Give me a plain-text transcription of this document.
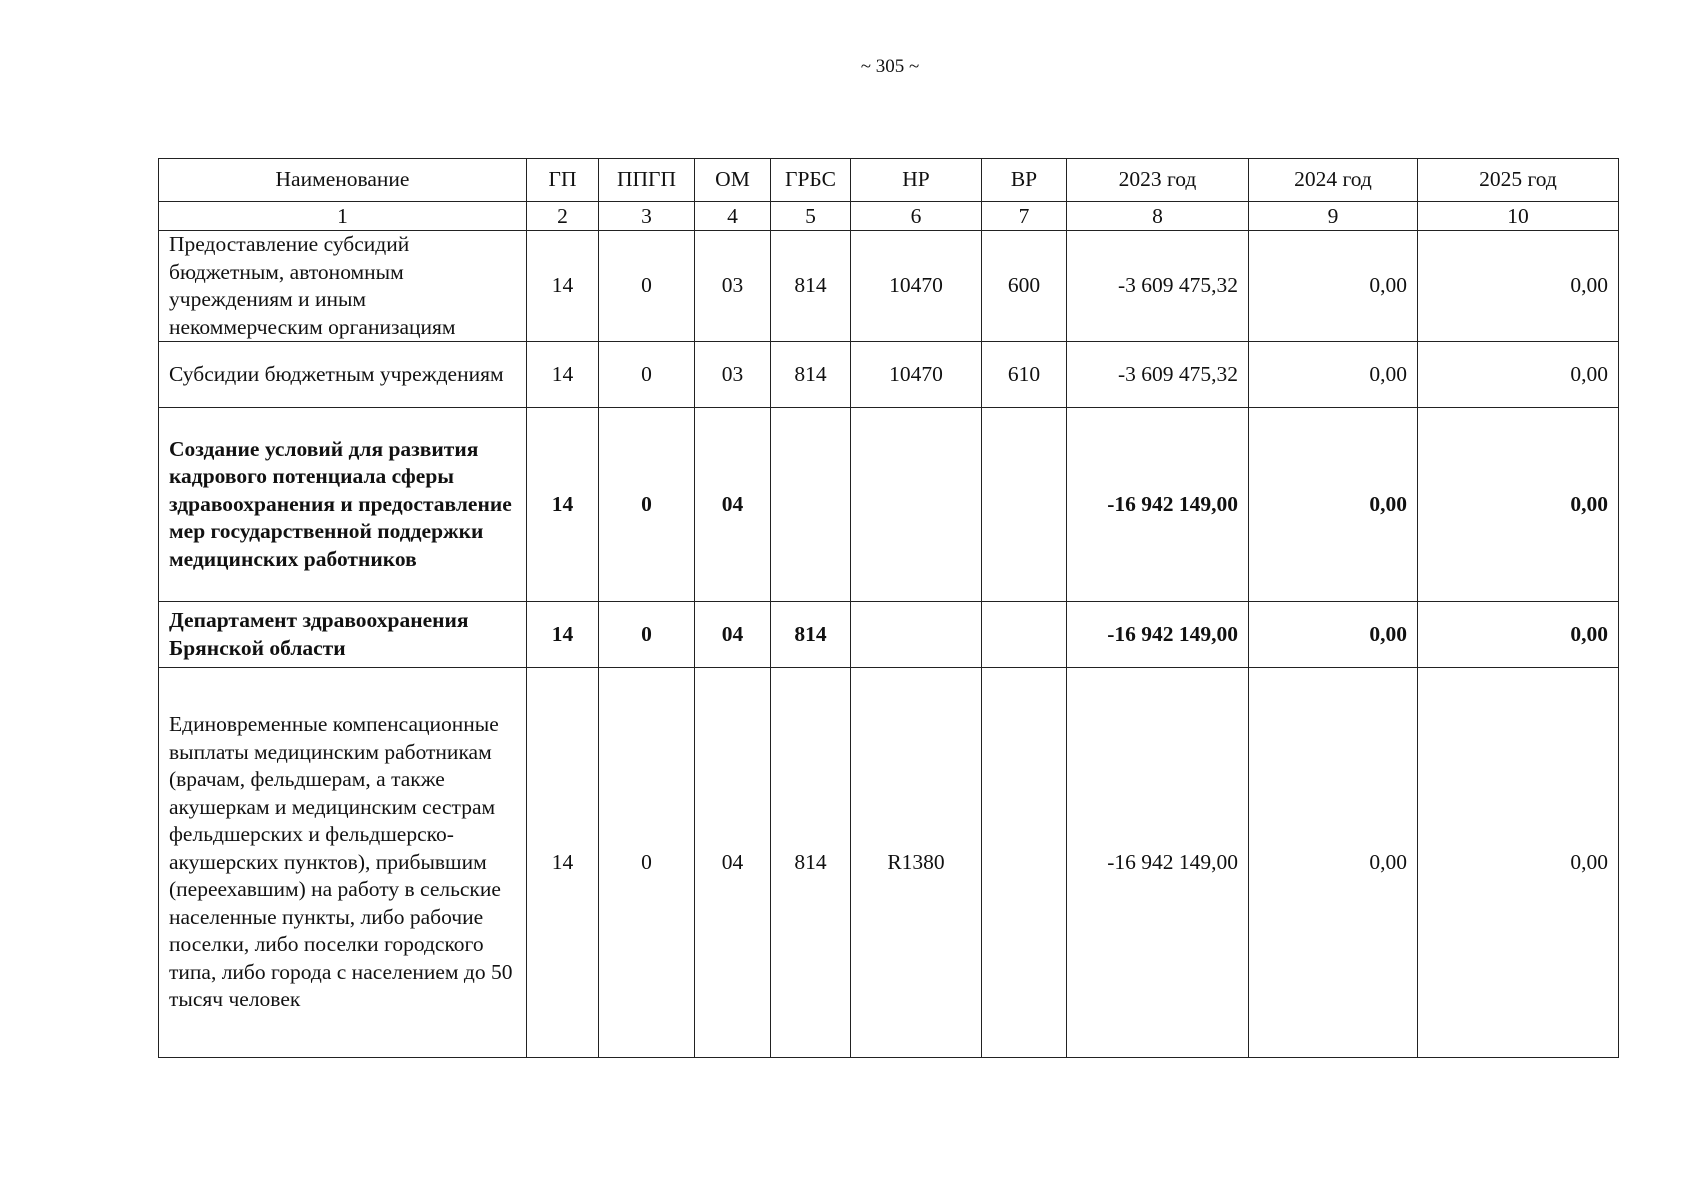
~ 305 ~
Наименование	ГП	ППГП	ОМ	ГРБС	НР	ВР	2023 год	2024 год	2025 год
1	2	3	4	5	6	7	8	9	10
Предоставление субсидий бюджетным, автономным учреждениям и иным некоммерческим организациям	14	0	03	814	10470	600	-3 609 475,32	0,00	0,00
Субсидии бюджетным учреждениям	14	0	03	814	10470	610	-3 609 475,32	0,00	0,00
Создание условий для развития кадрового потенциала сферы здравоохранения и предоставление мер государственной поддержки медицинских работников	14	0	04				-16 942 149,00	0,00	0,00
Департамент здравоохранения Брянской области	14	0	04	814			-16 942 149,00	0,00	0,00
Единовременные компенсационные выплаты медицинским работникам (врачам, фельдшерам, а также акушеркам и медицинским сестрам фельдшерских и фельдшерско-акушерских пунктов), прибывшим (переехавшим) на работу в сельские населенные пункты, либо рабочие поселки, либо поселки городского типа, либо города с населением до 50 тысяч человек	14	0	04	814	R1380		-16 942 149,00	0,00	0,00
